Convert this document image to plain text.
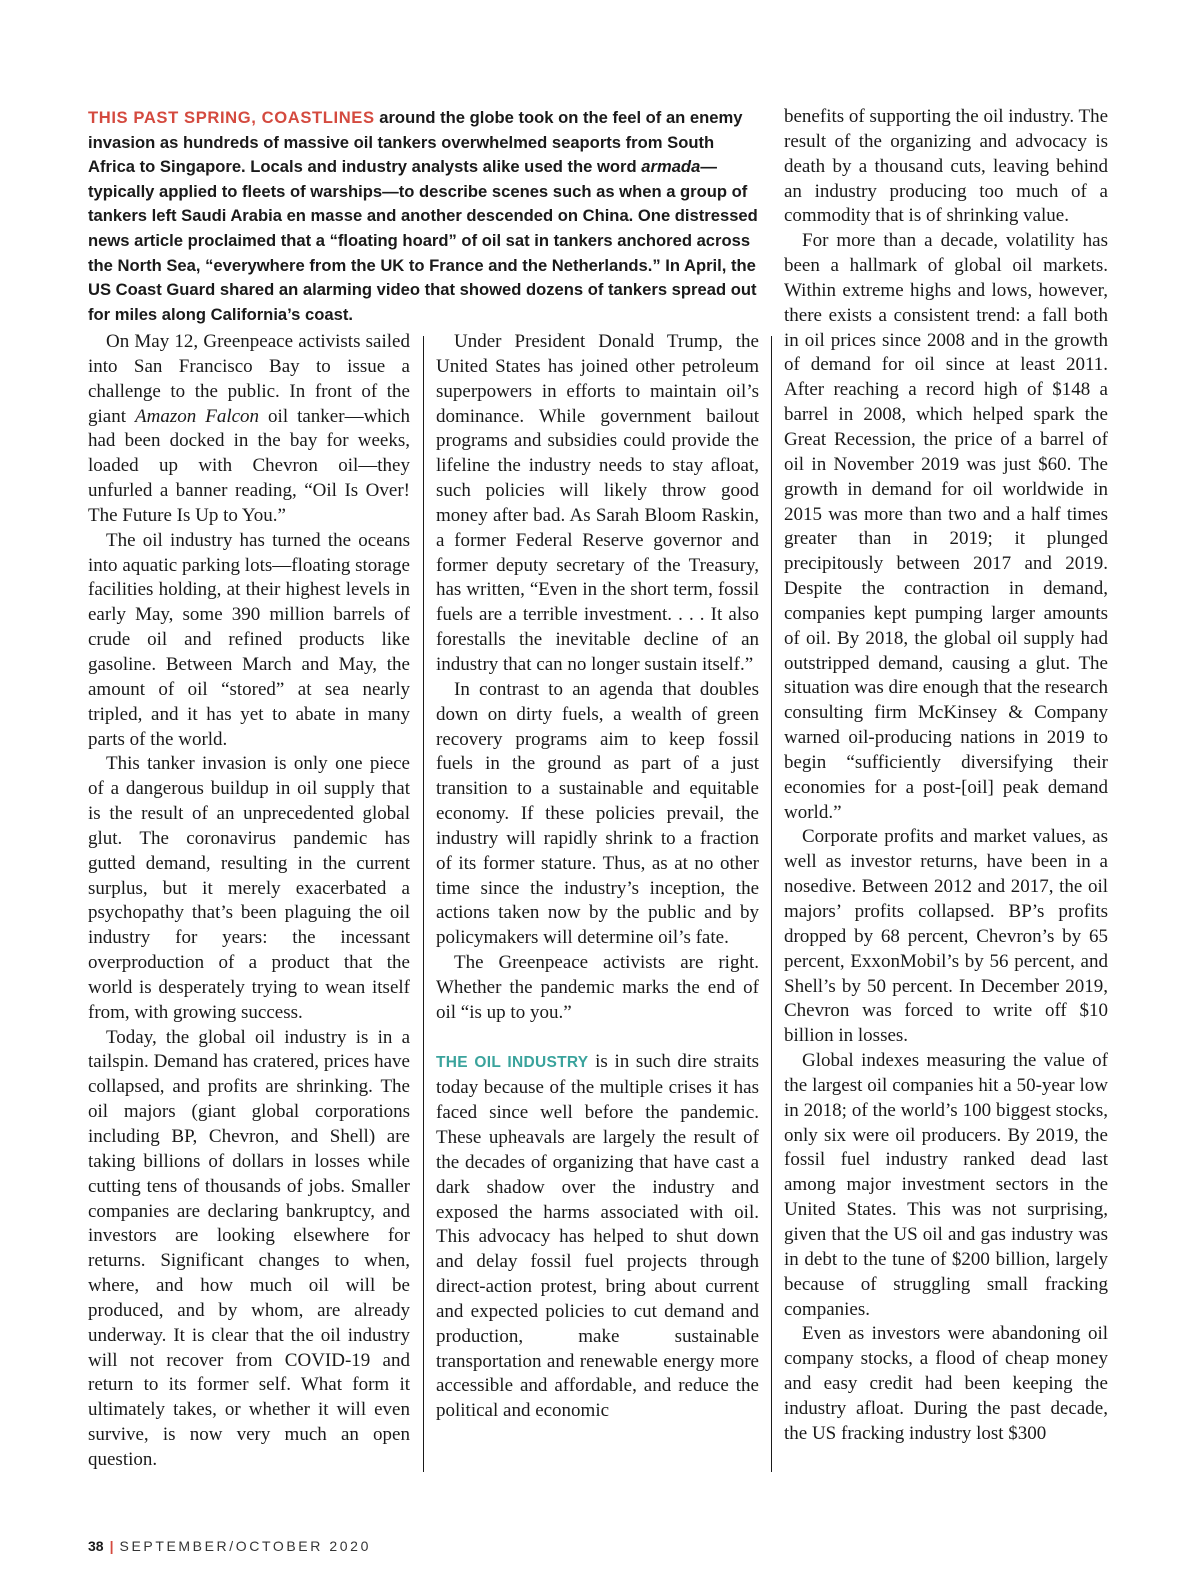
THIS PAST SPRING, COASTLINES around the globe took on the feel of an enemy invasion as hundreds of massive oil tankers overwhelmed seaports from South Africa to Singapore. Locals and industry analysts alike used the word armada—typically applied to fleets of warships—to describe scenes such as when a group of tankers left Saudi Arabia en masse and another descended on China. One distressed news article proclaimed that a “floating hoard” of oil sat in tankers anchored across the North Sea, “everywhere from the UK to France and the Netherlands.” In April, the US Coast Guard shared an alarming video that showed dozens of tankers spread out for miles along California’s coast.

On May 12, Greenpeace activists sailed into San Francisco Bay to issue a challenge to the public. In front of the giant Amazon Falcon oil tanker—which had been docked in the bay for weeks, loaded up with Chevron oil—they unfurled a banner reading, “Oil Is Over! The Future Is Up to You.”

The oil industry has turned the oceans into aquatic parking lots—floating storage facilities holding, at their highest levels in early May, some 390 million barrels of crude oil and refined products like gasoline. Between March and May, the amount of oil “stored” at sea nearly tripled, and it has yet to abate in many parts of the world.

This tanker invasion is only one piece of a dangerous buildup in oil supply that is the result of an unprecedented global glut. The coronavirus pandemic has gutted demand, resulting in the current surplus, but it merely exacerbated a psychopathy that’s been plaguing the oil industry for years: the incessant overproduction of a product that the world is desperately trying to wean itself from, with growing success.

Today, the global oil industry is in a tailspin. Demand has cratered, prices have collapsed, and profits are shrinking. The oil majors (giant global corporations including BP, Chevron, and Shell) are taking billions of dollars in losses while cutting tens of thousands of jobs. Smaller companies are declaring bankruptcy, and investors are looking elsewhere for returns. Significant changes to when, where, and how much oil will be produced, and by whom, are already underway. It is clear that the oil industry will not recover from COVID-19 and return to its former self. What form it ultimately takes, or whether it will even survive, is now very much an open question.

Under President Donald Trump, the United States has joined other petroleum superpowers in efforts to maintain oil’s dominance. While government bailout programs and subsidies could provide the lifeline the industry needs to stay afloat, such policies will likely throw good money after bad. As Sarah Bloom Raskin, a former Federal Reserve governor and former deputy secretary of the Treasury, has written, “Even in the short term, fossil fuels are a terrible investment. . . . It also forestalls the inevitable decline of an industry that can no longer sustain itself.”

In contrast to an agenda that doubles down on dirty fuels, a wealth of green recovery programs aim to keep fossil fuels in the ground as part of a just transition to a sustainable and equitable economy. If these policies prevail, the industry will rapidly shrink to a fraction of its former stature. Thus, as at no other time since the industry’s inception, the actions taken now by the public and by policymakers will determine oil’s fate.

The Greenpeace activists are right. Whether the pandemic marks the end of oil “is up to you.”

THE OIL INDUSTRY is in such dire straits today because of the multiple crises it has faced since well before the pandemic. These upheavals are largely the result of the decades of organizing that have cast a dark shadow over the industry and exposed the harms associated with oil. This advocacy has helped to shut down and delay fossil fuel projects through direct-action protest, bring about current and expected policies to cut demand and production, make sustainable transportation and renewable energy more accessible and affordable, and reduce the political and economic

benefits of supporting the oil industry. The result of the organizing and advocacy is death by a thousand cuts, leaving behind an industry producing too much of a commodity that is of shrinking value.

For more than a decade, volatility has been a hallmark of global oil markets. Within extreme highs and lows, however, there exists a consistent trend: a fall both in oil prices since 2008 and in the growth of demand for oil since at least 2011. After reaching a record high of $148 a barrel in 2008, which helped spark the Great Recession, the price of a barrel of oil in November 2019 was just $60. The growth in demand for oil worldwide in 2015 was more than two and a half times greater than in 2019; it plunged precipitously between 2017 and 2019. Despite the contraction in demand, companies kept pumping larger amounts of oil. By 2018, the global oil supply had outstripped demand, causing a glut. The situation was dire enough that the research consulting firm McKinsey & Company warned oil-producing nations in 2019 to begin “sufficiently diversifying their economies for a post-[oil] peak demand world.”

Corporate profits and market values, as well as investor returns, have been in a nosedive. Between 2012 and 2017, the oil majors’ profits collapsed. BP’s profits dropped by 68 percent, Chevron’s by 65 percent, ExxonMobil’s by 56 percent, and Shell’s by 50 percent. In December 2019, Chevron was forced to write off $10 billion in losses.

Global indexes measuring the value of the largest oil companies hit a 50-year low in 2018; of the world’s 100 biggest stocks, only six were oil producers. By 2019, the fossil fuel industry ranked dead last among major investment sectors in the United States. This was not surprising, given that the US oil and gas industry was in debt to the tune of $200 billion, largely because of struggling small fracking companies.

Even as investors were abandoning oil company stocks, a flood of cheap money and easy credit had been keeping the industry afloat. During the past decade, the US fracking industry lost $300

38 | SEPTEMBER/OCTOBER 2020
